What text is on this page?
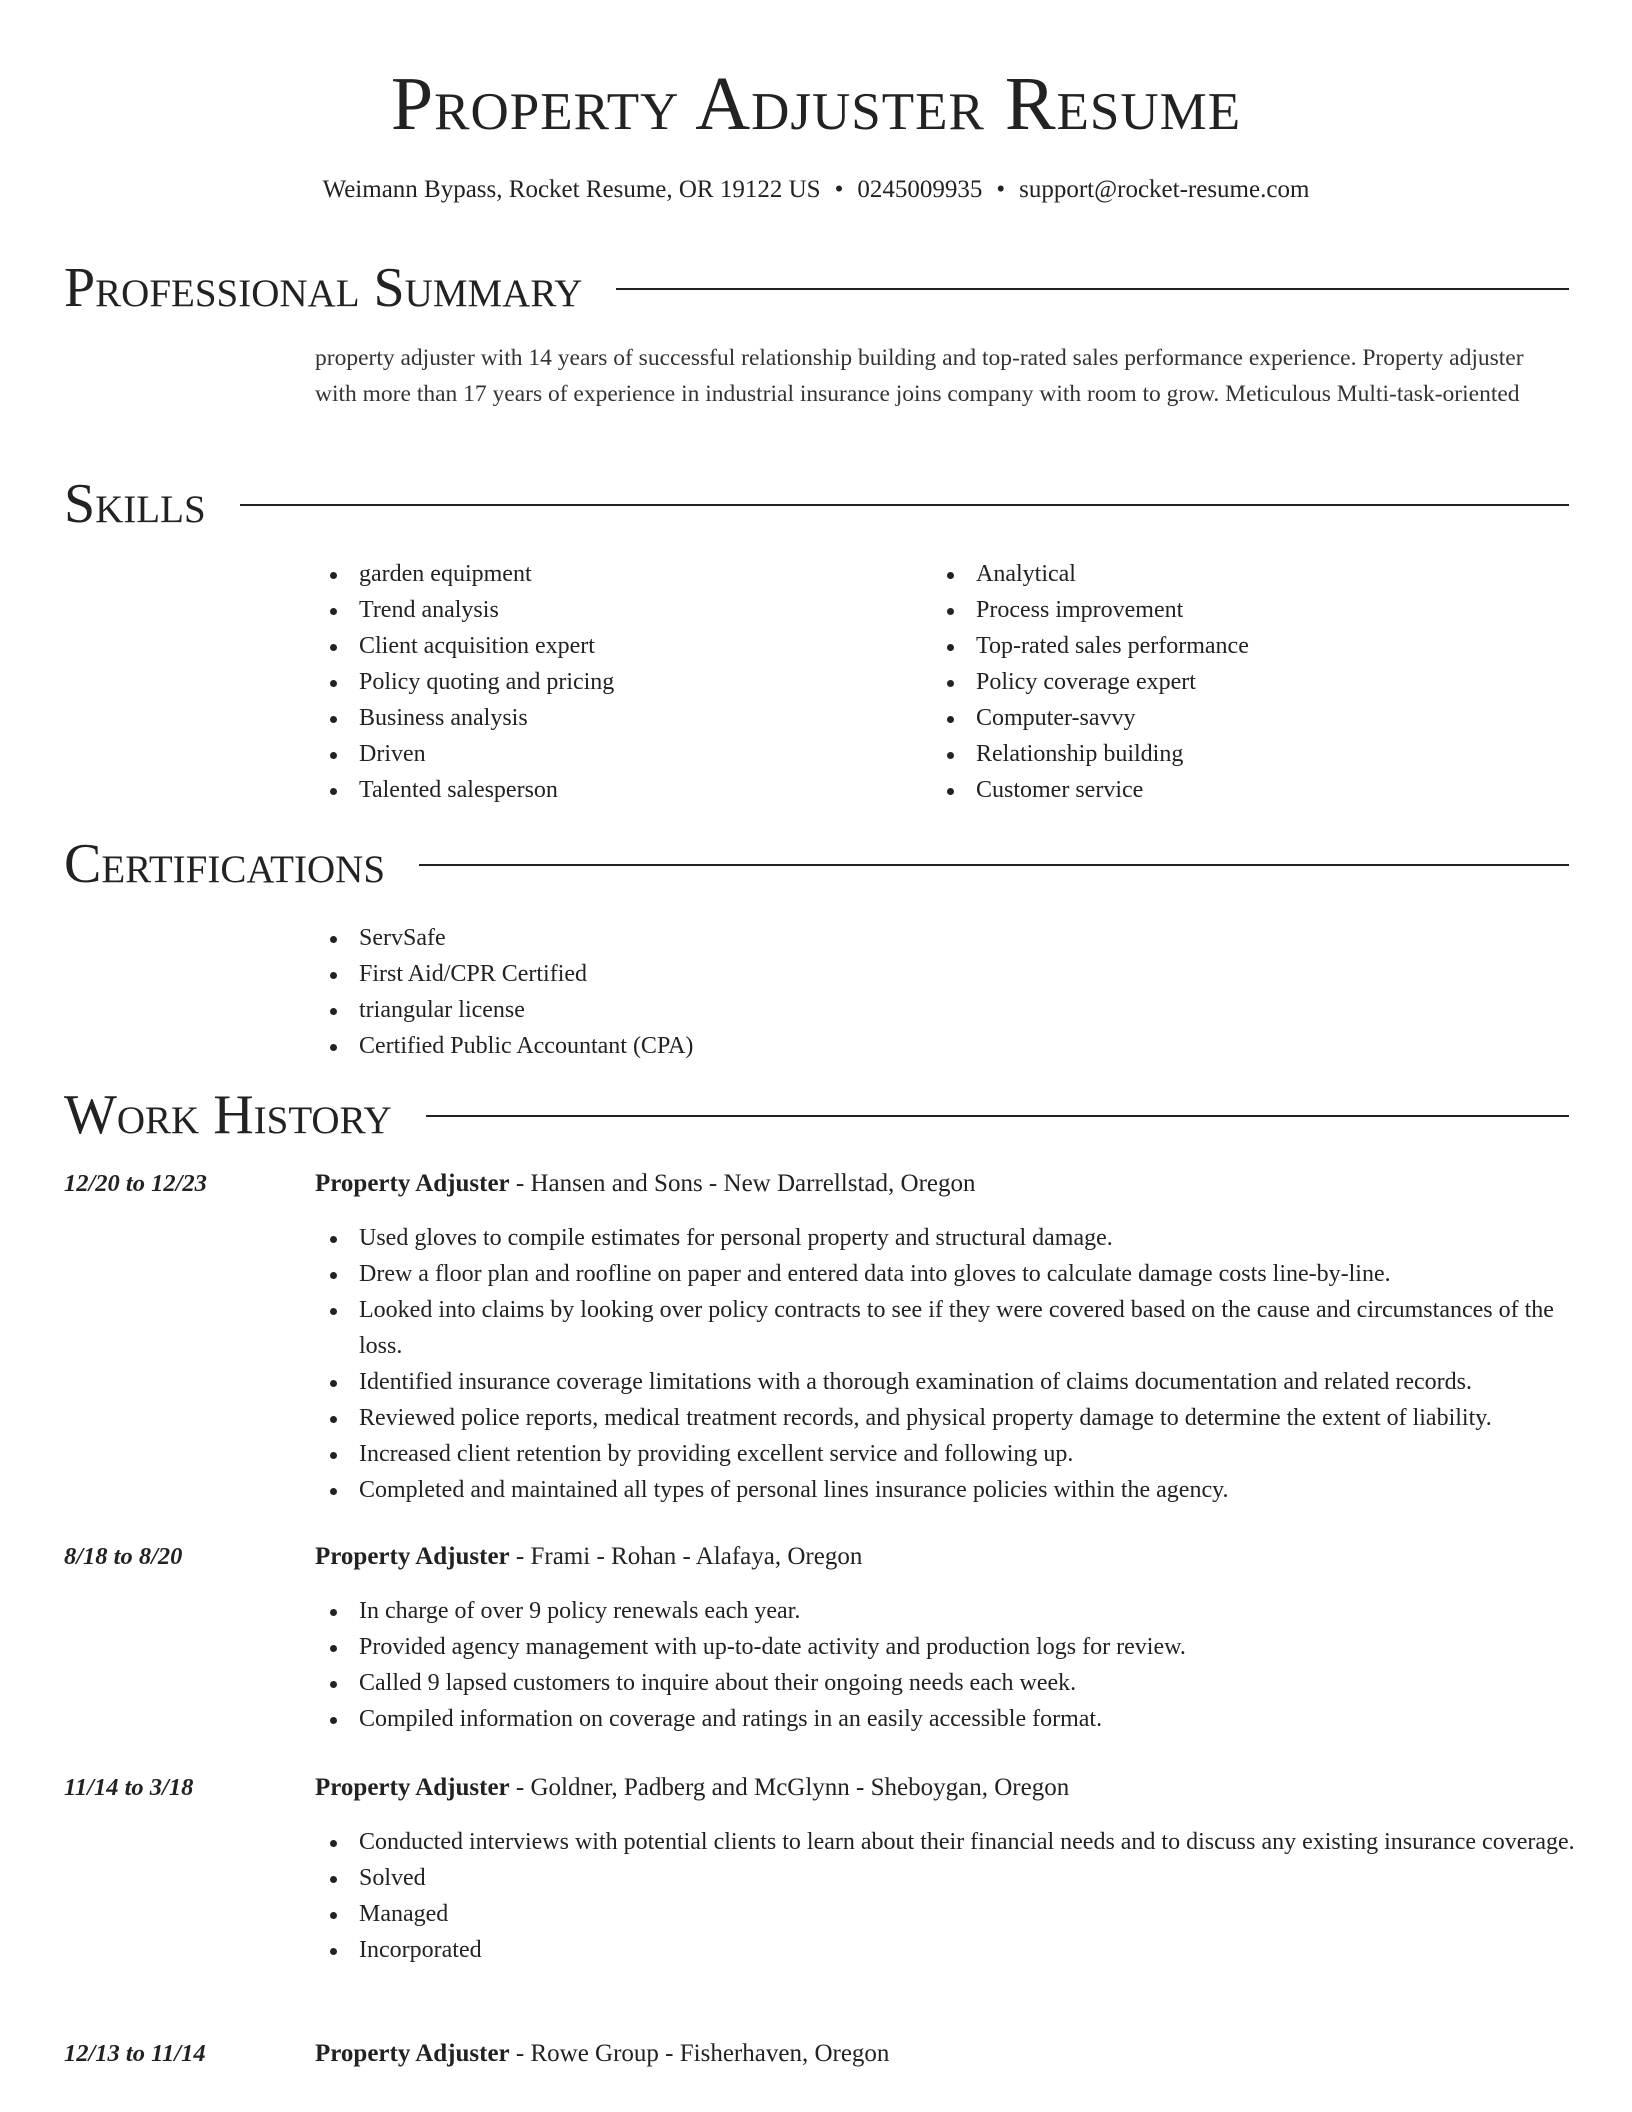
Property Adjuster Resume
Weimann Bypass, Rocket Resume, OR 19122 US • 0245009935 • support@rocket-resume.com
Professional Summary

property adjuster with 14 years of successful relationship building and top-rated sales performance experience. Property adjuster with more than 17 years of experience in industrial insurance joins company with room to grow. Meticulous Multi-task-oriented

Skills
garden equipment
Trend analysis
Client acquisition expert
Policy quoting and pricing
Business analysis
Driven
Talented salesperson
Analytical
Process improvement
Top-rated sales performance
Policy coverage expert
Computer-savvy
Relationship building
Customer service
Certifications
ServSafe
First Aid/CPR Certified
triangular license
Certified Public Accountant (CPA)
Work History
12/20 to 12/23	Property Adjuster - Hansen and Sons - New Darrellstad, Oregon
Used gloves to compile estimates for personal property and structural damage.
Drew a floor plan and roofline on paper and entered data into gloves to calculate damage costs line-by-line.
Looked into claims by looking over policy contracts to see if they were covered based on the cause and circumstances of the loss.
Identified insurance coverage limitations with a thorough examination of claims documentation and related records.
Reviewed police reports, medical treatment records, and physical property damage to determine the extent of liability.
Increased client retention by providing excellent service and following up.
Completed and maintained all types of personal lines insurance policies within the agency.
8/18 to 8/20	Property Adjuster - Frami - Rohan - Alafaya, Oregon
In charge of over 9 policy renewals each year.
Provided agency management with up-to-date activity and production logs for review.
Called 9 lapsed customers to inquire about their ongoing needs each week.
Compiled information on coverage and ratings in an easily accessible format.
11/14 to 3/18	Property Adjuster - Goldner, Padberg and McGlynn - Sheboygan, Oregon
Conducted interviews with potential clients to learn about their financial needs and to discuss any existing insurance coverage.
Solved
Managed
Incorporated
12/13 to 11/14	Property Adjuster - Rowe Group - Fisherhaven, Oregon
